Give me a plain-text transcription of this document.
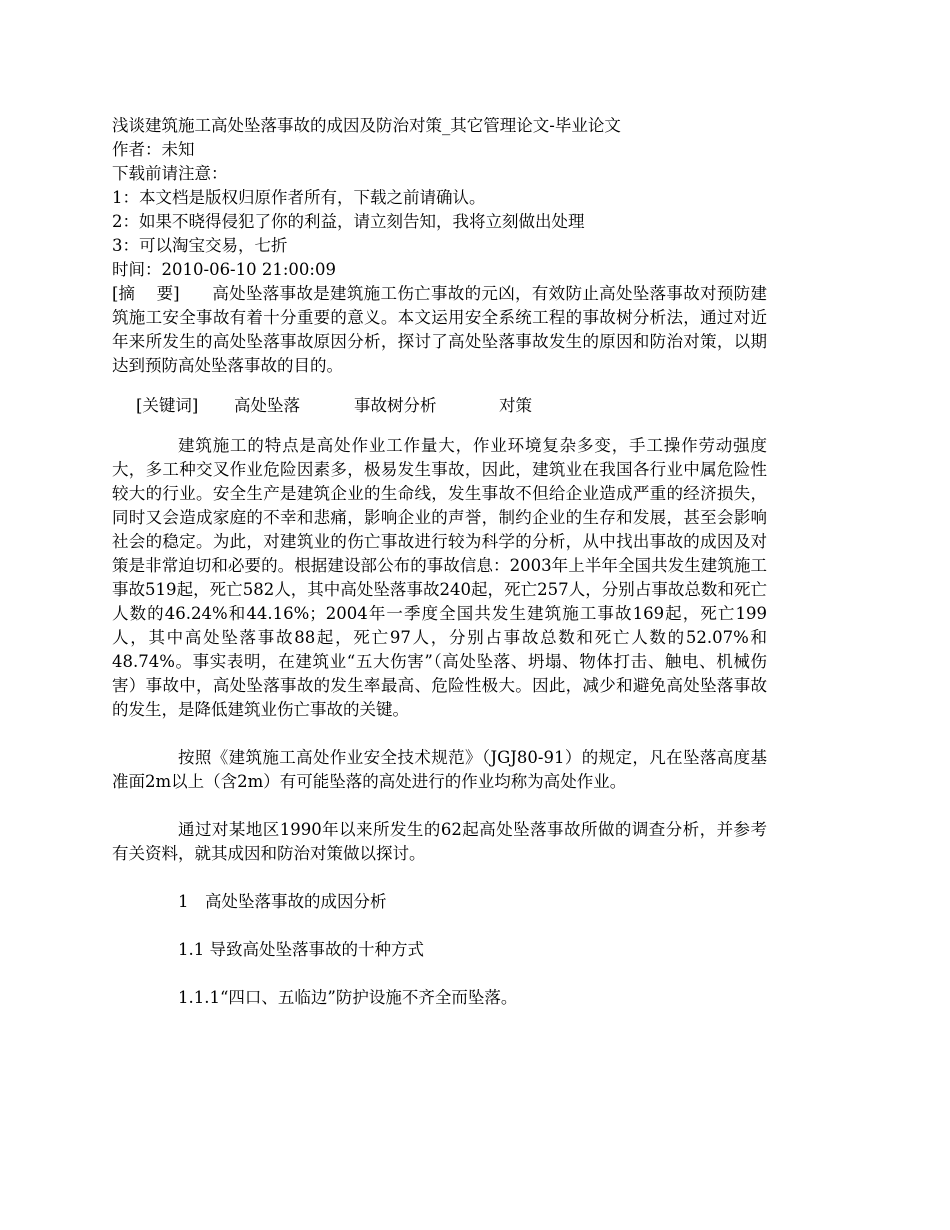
浅谈建筑施工高处坠落事故的成因及防治对策_其它管理论文-毕业论文
作者：未知
下载前请注意：
1：本文档是版权归原作者所有，下载之前请确认。
2：如果不晓得侵犯了你的利益，请立刻告知，我将立刻做出处理
3：可以淘宝交易，七折
时间：2010-06-10 21:00:09
[摘　 要] 高处坠落事故是建筑施工伤亡事故的元凶，有效防止高处坠落事故对预防建筑施工安全事故有着十分重要的意义。本文运用安全系统工程的事故树分析法，通过对近年来所发生的高处坠落事故原因分析，探讨了高处坠落事故发生的原因和防治对策，以期达到预防高处坠落事故的目的。
[关键词] 高处坠落	事故树分析	对策
建筑施工的特点是高处作业工作量大，作业环境复杂多变，手工操作劳动强度大，多工种交叉作业危险因素多，极易发生事故，因此，建筑业在我国各行业中属危险性较大的行业。安全生产是建筑企业的生命线，发生事故不但给企业造成严重的经济损失，同时又会造成家庭的不幸和悲痛，影响企业的声誉，制约企业的生存和发展，甚至会影响社会的稳定。为此，对建筑业的伤亡事故进行较为科学的分析，从中找出事故的成因及对策是非常迫切和必要的。根据建设部公布的事故信息：2003年上半年全国共发生建筑施工事故519起，死亡582人，其中高处坠落事故240起，死亡257人，分别占事故总数和死亡人数的46.24%和44.16%；2004年一季度全国共发生建筑施工事故169起，死亡199人，其中高处坠落事故88起，死亡97人，分别占事故总数和死亡人数的52.07%和48.74%。事实表明，在建筑业“五大伤害”（高处坠落、坍塌、物体打击、触电、机械伤害）事故中，高处坠落事故的发生率最高、危险性极大。因此，减少和避免高处坠落事故的发生，是降低建筑业伤亡事故的关键。
按照《建筑施工高处作业安全技术规范》（JGJ80-91）的规定，凡在坠落高度基准面2m以上（含2m）有可能坠落的高处进行的作业均称为高处作业。
通过对某地区1990年以来所发生的62起高处坠落事故所做的调查分析，并参考有关资料，就其成因和防治对策做以探讨。
1　高处坠落事故的成因分析
1.1 导致高处坠落事故的十种方式
1.1.1“四口、五临边”防护设施不齐全而坠落。
